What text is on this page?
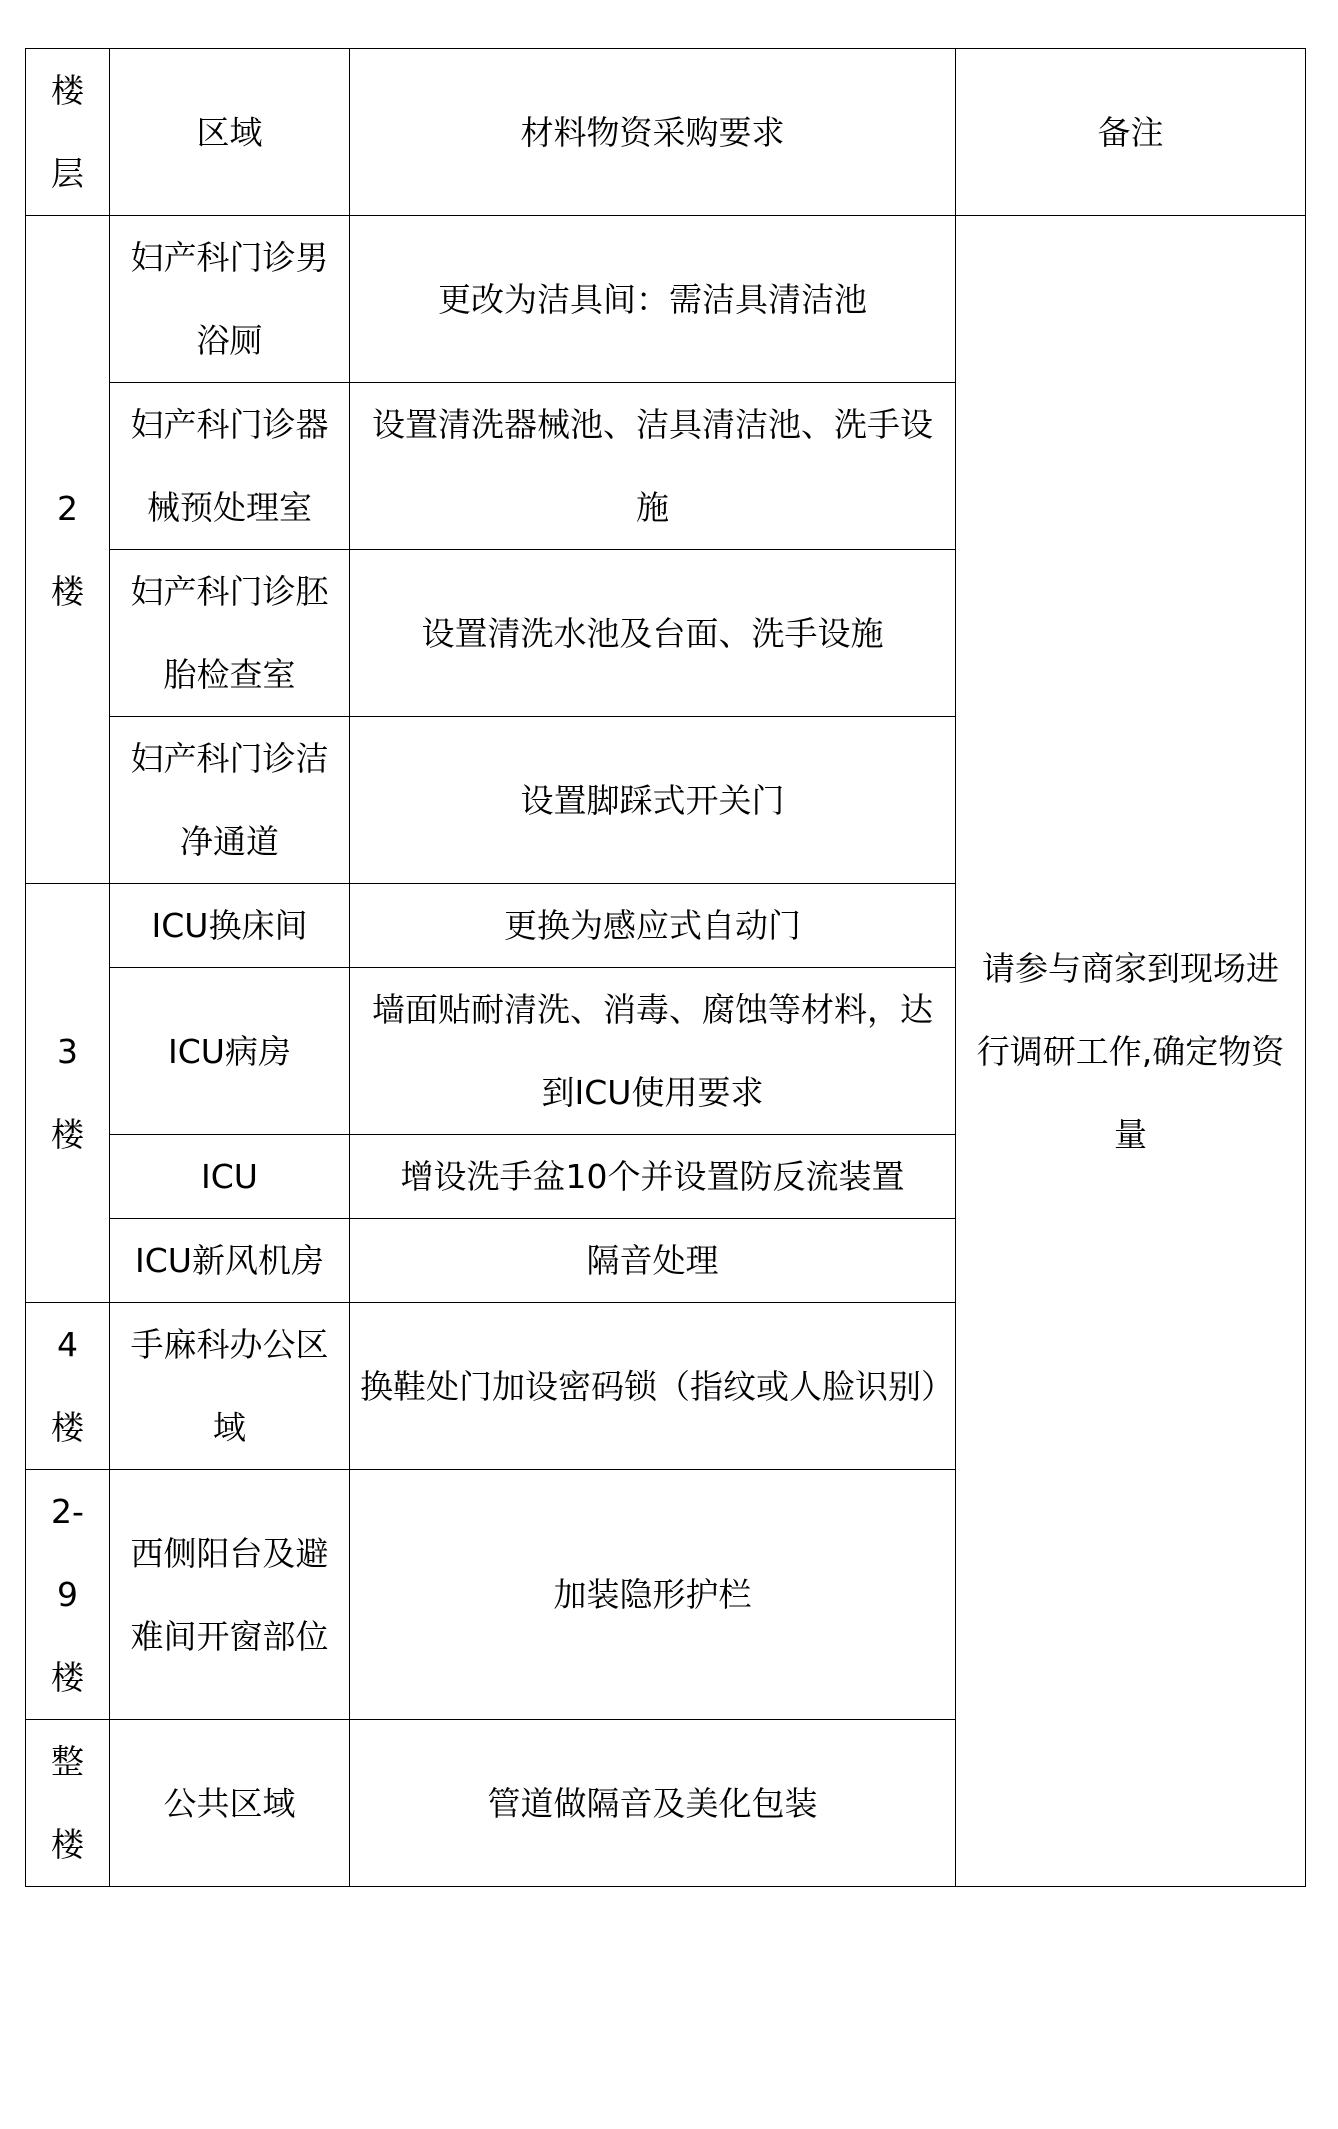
楼层	区域	材料物资采购要求	备注
2楼	妇产科门诊男浴厕	更改为洁具间：需洁具清洁池	请参与商家到现场进行调研工作,确定物资量
	妇产科门诊器械预处理室	设置清洗器械池、洁具清洁池、洗手设施	
	妇产科门诊胚胎检查室	设置清洗水池及台面、洗手设施	
	妇产科门诊洁净通道	设置脚踩式开关门	
3楼	ICU换床间	更换为感应式自动门	
	ICU病房	墙面贴耐清洗、消毒、腐蚀等材料，达到ICU使用要求	
	ICU	增设洗手盆10个并设置防反流装置	
	ICU新风机房	隔音处理	
4楼	手麻科办公区域	换鞋处门加设密码锁（指纹或人脸识别）	
2-9楼	西侧阳台及避难间开窗部位	加装隐形护栏	
整楼	公共区域	管道做隔音及美化包装	
